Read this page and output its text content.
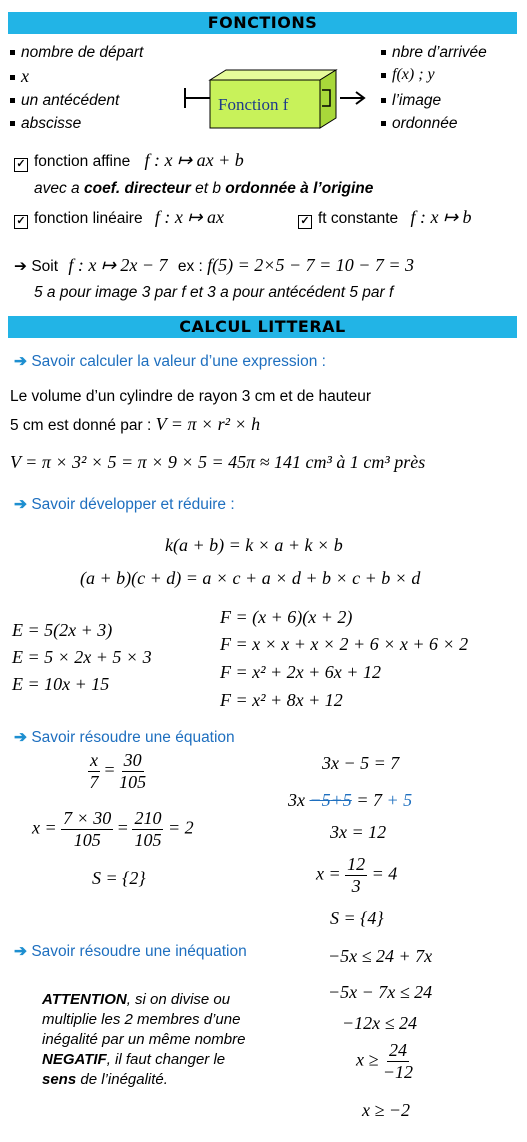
FONCTIONS
nombre de départ
x
un antécédent
abscisse
nbre d’arrivée
f(x) ; y
l’image
ordonnée
Fonction f
✓ fonction affine f : x ↦ ax + b
avec a coef. directeur et b ordonnée à l’origine
✓ fonction linéaire f : x ↦ ax	✓ ft constante f : x ↦ b
➔ Soit f : x ↦ 2x − 7 ex : f(5) = 2×5 − 7 = 10 − 7 = 3
5 a pour image 3 par f et 3 a pour antécédent 5 par f
CALCUL LITTERAL
➔ Savoir calculer la valeur d’une expression :
Le volume d’un cylindre de rayon 3 cm et de hauteur
5 cm est donné par : V = π × r² × h
V = π × 3² × 5 = π × 9 × 5 = 45π ≈ 141 cm³ à 1 cm³ près
➔ Savoir développer et réduire :
k(a + b) = k × a + k × b
(a + b)(c + d) = a × c + a × d + b × c + b × d
E = 5(2x + 3)
E = 5 × 2x + 5 × 3
E = 10x + 15
F = (x + 6)(x + 2)
F = x × x + x × 2 + 6 × x + 6 × 2
F = x² + 2x + 6x + 12
F = x² + 8x + 12
➔ Savoir résoudre une équation
$\frac{x}{7} = \frac{30}{105}$
$x = \frac{7 \times 30}{105} = \frac{210}{105} = 2$
S = {2}
3x − 5 = 7
3x −5+5 = 7 + 5
3x = 12
$x = \frac{12}{3} = 4$
S = {4}
➔ Savoir résoudre une inéquation	−5x ≤ 24 + 7x
−5x − 7x ≤ 24
−12x ≤ 24
ATTENTION, si on divise ou
multiplie les 2 membres d’une
inégalité par un même nombre
NEGATIF, il faut changer le
sens de l’inégalité.
$x \ge \frac{24}{-12}$
x ≥ −2
